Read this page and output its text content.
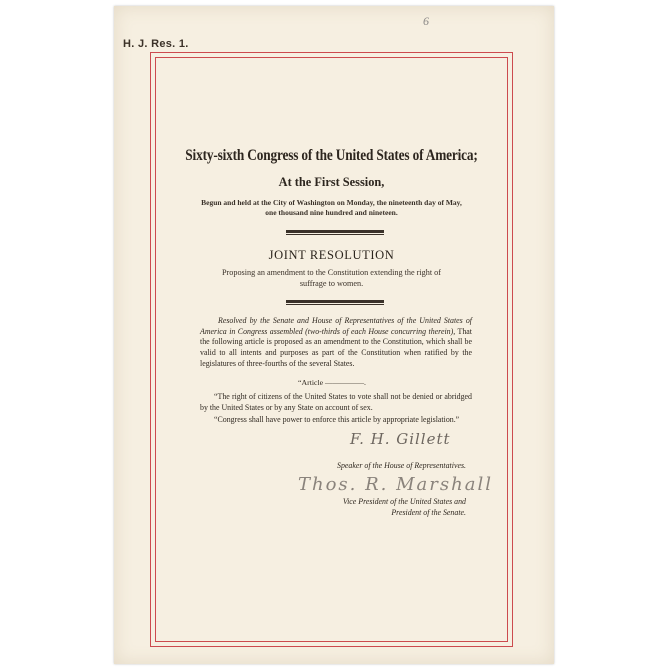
H. J. Res. 1.
6
Sixty-sixth Congress of the United States of America;
At the First Session,
Begun and held at the City of Washington on Monday, the nineteenth day of May,
one thousand nine hundred and nineteen.
JOINT RESOLUTION
Proposing an amendment to the Constitution extending the right of suffrage to women.
Resolved by the Senate and House of Representatives of the United States of America in Congress assembled (two-thirds of each House concurring therein), That the following article is proposed as an amendment to the Constitution, which shall be valid to all intents and purposes as part of the Constitution when ratified by the legislatures of three-fourths of the several States.
“Article —————.
“The right of citizens of the United States to vote shall not be denied or abridged by the United States or by any State on account of sex.
“Congress shall have power to enforce this article by appropriate legislation.”
F. H. Gillett
Speaker of the House of Representatives.
Thos. R. Marshall
Vice President of the United States and
President of the Senate.
